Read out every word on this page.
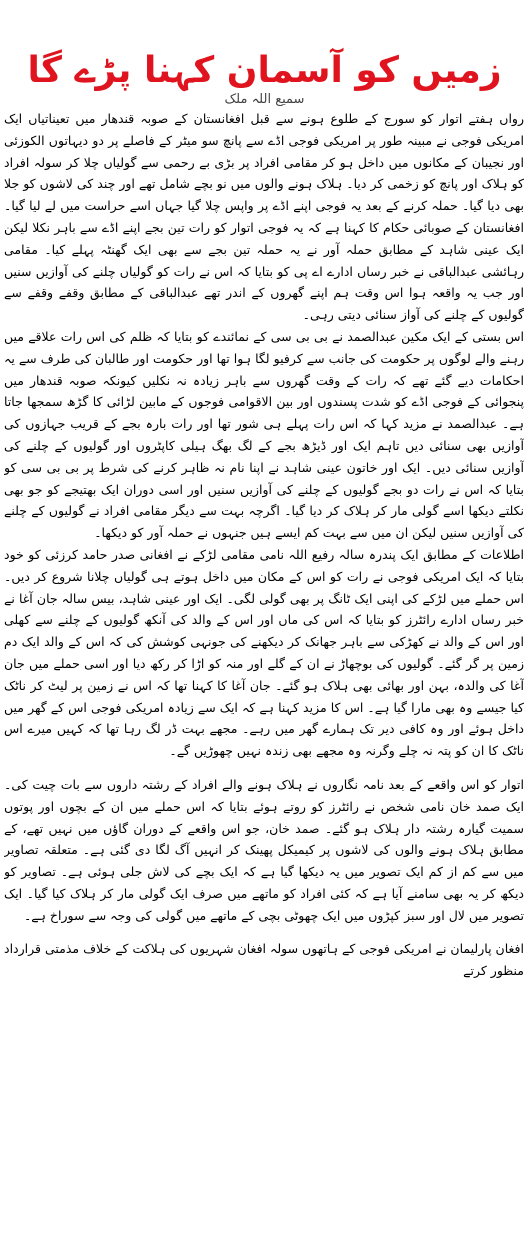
زمیں کو آسمان کہنا پڑے گا
سمیع اللہ ملک

رواں ہفتے اتوار کو سورج کے طلوع ہونے سے قبل افغانستان کے صوبہ قندھار میں تعیناتیاں ایک امریکی فوجی نے مبینہ طور پر امریکی فوجی اڈے سے پانچ سو میٹر کے فاصلے پر دو دیہاتوں الکوزئی اور نجیبان کے مکانوں میں داخل ہو کر مقامی افراد پر بڑی بے رحمی سے گولیاں چلا کر سولہ افراد کو ہلاک اور پانچ کو زخمی کر دیا۔ ہلاک ہونے والوں میں نو بچے شامل تھے اور چند کی لاشوں کو جلا بھی دیا گیا۔ حملہ کرنے کے بعد یہ فوجی اپنے اڈے پر واپس چلا گیا جہاں اسے حراست میں لے لیا گیا۔ افغانستان کے صوبائی حکام کا کہنا ہے کہ یہ فوجی اتوار کو رات تین بجے اپنے اڈے سے باہر نکلا لیکن ایک عینی شاہد کے مطابق حملہ آور نے یہ حملہ تین بجے سے بھی ایک گھنٹہ پہلے کیا۔ مقامی رہائشی عبدالباقی نے خبر رساں ادارے اے پی کو بتایا کہ اس نے رات کو گولیاں چلنے کی آوازیں سنیں اور جب یہ واقعہ ہوا اس وقت ہم اپنے گھروں کے اندر تھے عبدالباقی کے مطابق وقفے وقفے سے گولیوں کے چلنے کی آواز سنائی دیتی رہی۔

اس بستی کے ایک مکین عبدالصمد نے بی بی سی کے نمائندے کو بتایا کہ ظلم کی اس رات علاقے میں رہنے والے لوگوں پر حکومت کی جانب سے کرفیو لگا ہوا تھا اور حکومت اور طالبان کی طرف سے یہ احکامات دیے گئے تھے کہ رات کے وقت گھروں سے باہر زیادہ نہ نکلیں کیونکہ صوبہ قندھار میں پنجوائی کے فوجی اڈے کو شدت پسندوں اور بین الاقوامی فوجوں کے مابین لڑائی کا گڑھ سمجھا جاتا ہے۔ عبدالصمد نے مزید کہا کہ اس رات پہلے ہی شور تھا اور رات بارہ بجے کے قریب جہازوں کی آوازیں بھی سنائی دیں تاہم ایک اور ڈیڑھ بجے کے لگ بھگ ہیلی کاپٹروں اور گولیوں کے چلنے کی آوازیں سنائی دیں۔ ایک اور خاتون عینی شاہد نے اپنا نام نہ ظاہر کرنے کی شرط پر بی بی سی کو بتایا کہ اس نے رات دو بجے گولیوں کے چلنے کی آوازیں سنیں اور اسی دوران ایک بھتیجے کو جو بھی نکلتے دیکھا اسے گولی مار کر ہلاک کر دیا گیا۔ اگرچہ بہت سے دیگر مقامی افراد نے گولیوں کے چلنے کی آوازیں سنیں لیکن ان میں سے بہت کم ایسے ہیں جنہوں نے حملہ آور کو دیکھا۔

اطلاعات کے مطابق ایک پندرہ سالہ رفیع اللہ نامی مقامی لڑکے نے افغانی صدر حامد کرزئی کو خود بتایا کہ ایک امریکی فوجی نے رات کو اس کے مکان میں داخل ہوتے ہی گولیاں چلانا شروع کر دیں۔ اس حملے میں لڑکے کی اپنی ایک ٹانگ پر بھی گولی لگی۔ ایک اور عینی شاہد، بیس سالہ جان آغا نے خبر رساں ادارے رائٹرز کو بتایا کہ اس کی ماں اور اس کے والد کی آنکھ گولیوں کے چلنے سے کھلی اور اس کے والد نے کھڑکی سے باہر جھانک کر دیکھنے کی جونہی کوشش کی کہ اس کے والد ایک دم زمین پر گر گئے۔ گولیوں کی بوچھاڑ نے ان کے گلے اور منہ کو اڑا کر رکھ دیا اور اسی حملے میں جان آغا کی والدہ، بہن اور بھائی بھی ہلاک ہو گئے۔ جان آغا کا کہنا تھا کہ اس نے زمین پر لیٹ کر ناٹک کیا جیسے وہ بھی مارا گیا ہے۔ اس کا مزید کہنا ہے کہ ایک سے زیادہ امریکی فوجی اس کے گھر میں داخل ہوئے اور وہ کافی دیر تک ہمارے گھر میں رہے۔ مجھے بہت ڈر لگ رہا تھا کہ کہیں میرے اس ناٹک کا ان کو پتہ نہ چلے وگرنہ وہ مجھے بھی زندہ نہیں چھوڑیں گے۔

اتوار کو اس واقعے کے بعد نامہ نگاروں نے ہلاک ہونے والے افراد کے رشتہ داروں سے بات چیت کی۔ ایک صمد خان نامی شخص نے رائٹرز کو روتے ہوئے بتایا کہ اس حملے میں ان کے بچوں اور پوتوں سمیت گیارہ رشتہ دار ہلاک ہو گئے۔ صمد خان، جو اس واقعے کے دوران گاؤں میں نہیں تھے، کے مطابق ہلاک ہونے والوں کی لاشوں پر کیمیکل پھینک کر انہیں آگ لگا دی گئی ہے۔ متعلقہ تصاویر میں سے کم از کم ایک تصویر میں یہ دیکھا گیا ہے کہ ایک بچے کی لاش جلی ہوئی ہے۔ تصاویر کو دیکھ کر یہ بھی سامنے آیا ہے کہ کئی افراد کو ماتھے میں صرف ایک گولی مار کر ہلاک کیا گیا۔ ایک تصویر میں لال اور سبز کپڑوں میں ایک چھوٹی بچی کے ماتھے میں گولی کی وجہ سے سوراخ ہے۔

افغان پارلیمان نے امریکی فوجی کے ہاتھوں سولہ افغان شہریوں کی ہلاکت کے خلاف مذمتی قرارداد منظور کرتے
